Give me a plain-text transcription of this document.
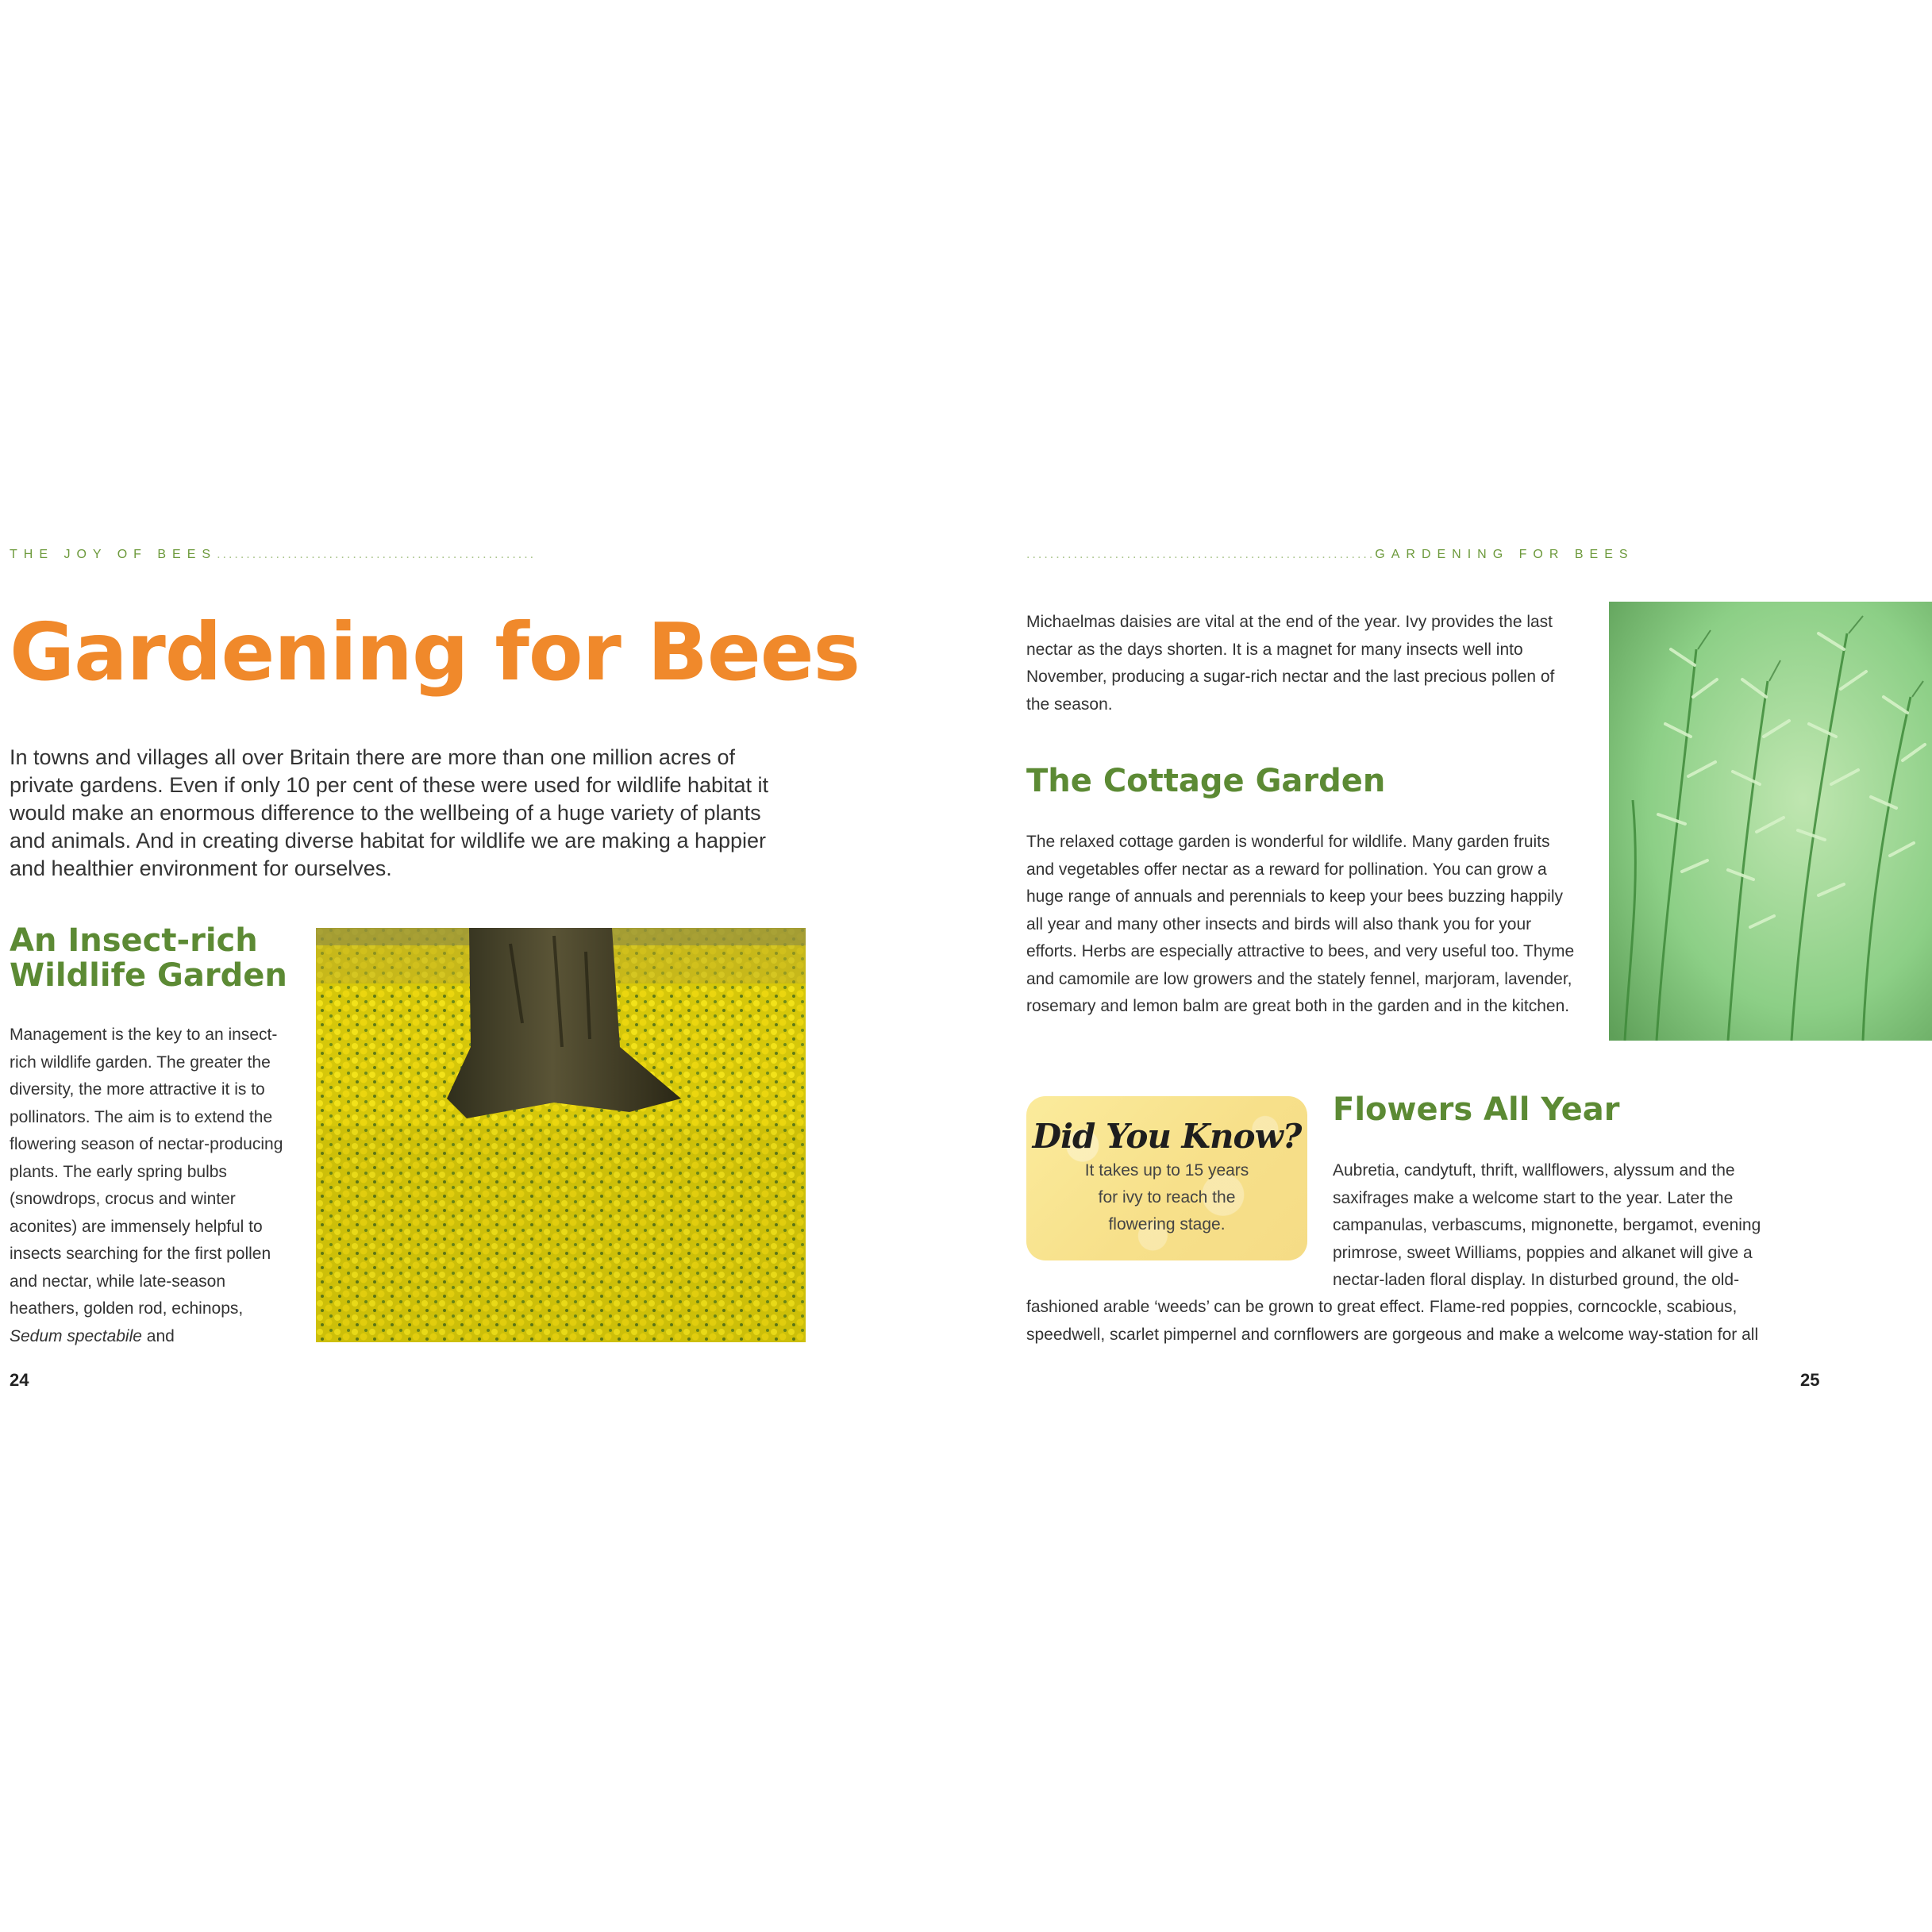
THE JOY OF BEES......................................................
Gardening for Bees
In towns and villages all over Britain there are more than one million acres of private gardens. Even if only 10 per cent of these were used for wildlife habitat it would make an enormous difference to the wellbeing of a huge variety of plants and animals. And in creating diverse habitat for wildlife we are making a happier and healthier environment for ourselves.
An Insect-rich
Wildlife Garden
Management is the key to an insect-rich wildlife garden. The greater the diversity, the more attractive it is to pollinators. The aim is to extend the flowering season of nectar-producing plants. The early spring bulbs (snowdrops, crocus and winter aconites) are immensely helpful to insects searching for the first pollen and nectar, while late-season heathers, golden rod, echinops, Sedum spectabile and
24
...........................................................GARDENING FOR BEES
Michaelmas daisies are vital at the end of the year. Ivy provides the last nectar as the days shorten. It is a magnet for many insects well into November, producing a sugar-rich nectar and the last precious pollen of the season.
The Cottage Garden
The relaxed cottage garden is wonderful for wildlife. Many garden fruits and vegetables offer nectar as a reward for pollination. You can grow a huge range of annuals and perennials to keep your bees buzzing happily all year and many other insects and birds will also thank you for your efforts. Herbs are especially attractive to bees, and very useful too. Thyme and camomile are low growers and the stately fennel, marjoram, lavender, rosemary and lemon balm are great both in the garden and in the kitchen.
Did You Know?
It takes up to 15 years
for ivy to reach the
flowering stage.
Flowers All Year
Aubretia, candytuft, thrift, wallflowers, alyssum and the saxifrages make a welcome start to the year. Later the campanulas, verbascums, mignonette, bergamot, evening primrose, sweet Williams, poppies and alkanet will give a nectar-laden floral display. In disturbed ground, the old-
fashioned arable ‘weeds’ can be grown to great effect. Flame-red poppies, corncockle, scabious,
speedwell, scarlet pimpernel and cornflowers are gorgeous and make a welcome way-station for all
25
